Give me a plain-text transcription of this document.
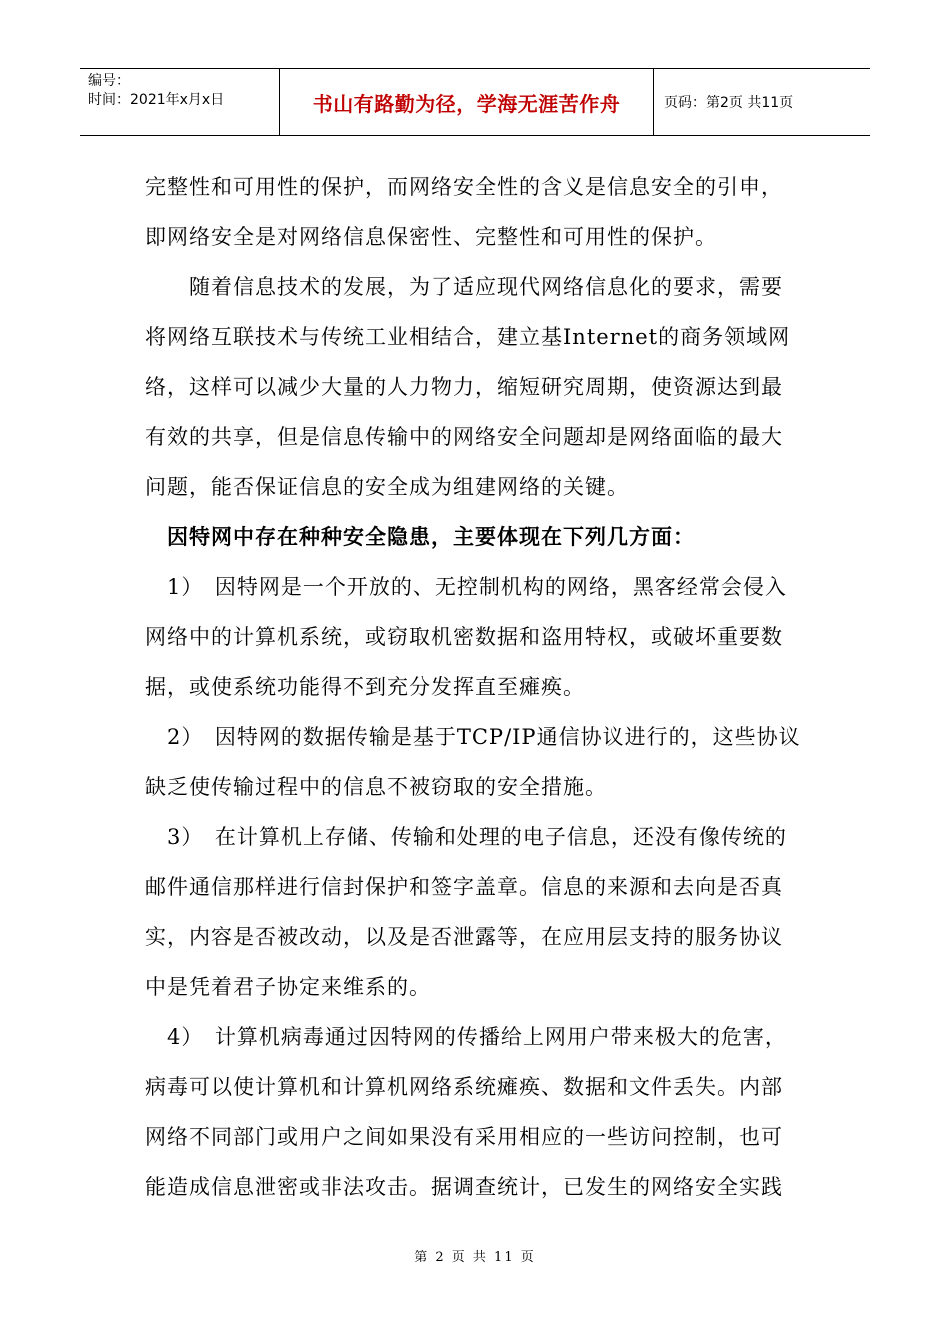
编号：
时间：2021年x月x日	书山有路勤为径，学海无涯苦作舟	页码：第2页 共11页

完整性和可用性的保护，而网络安全性的含义是信息安全的引申，
即网络安全是对网络信息保密性、完整性和可用性的保护。

　　随着信息技术的发展，为了适应现代网络信息化的要求，需要
将网络互联技术与传统工业相结合，建立基Internet的商务领域网
络，这样可以减少大量的人力物力，缩短研究周期，使资源达到最
有效的共享，但是信息传输中的网络安全问题却是网络面临的最大
问题，能否保证信息的安全成为组建网络的关键。

　因特网中存在种种安全隐患，主要体现在下列几方面：

　1）　因特网是一个开放的、无控制机构的网络，黑客经常会侵入
网络中的计算机系统，或窃取机密数据和盗用特权，或破坏重要数
据，或使系统功能得不到充分发挥直至瘫痪。

　2）　因特网的数据传输是基于TCP/IP通信协议进行的，这些协议
缺乏使传输过程中的信息不被窃取的安全措施。

　3）　在计算机上存储、传输和处理的电子信息，还没有像传统的
邮件通信那样进行信封保护和签字盖章。信息的来源和去向是否真
实，内容是否被改动，以及是否泄露等，在应用层支持的服务协议
中是凭着君子协定来维系的。

　4）　计算机病毒通过因特网的传播给上网用户带来极大的危害，
病毒可以使计算机和计算机网络系统瘫痪、数据和文件丢失。内部
网络不同部门或用户之间如果没有采用相应的一些访问控制，也可
能造成信息泄密或非法攻击。据调查统计，已发生的网络安全实践

第 2 页 共 11 页
